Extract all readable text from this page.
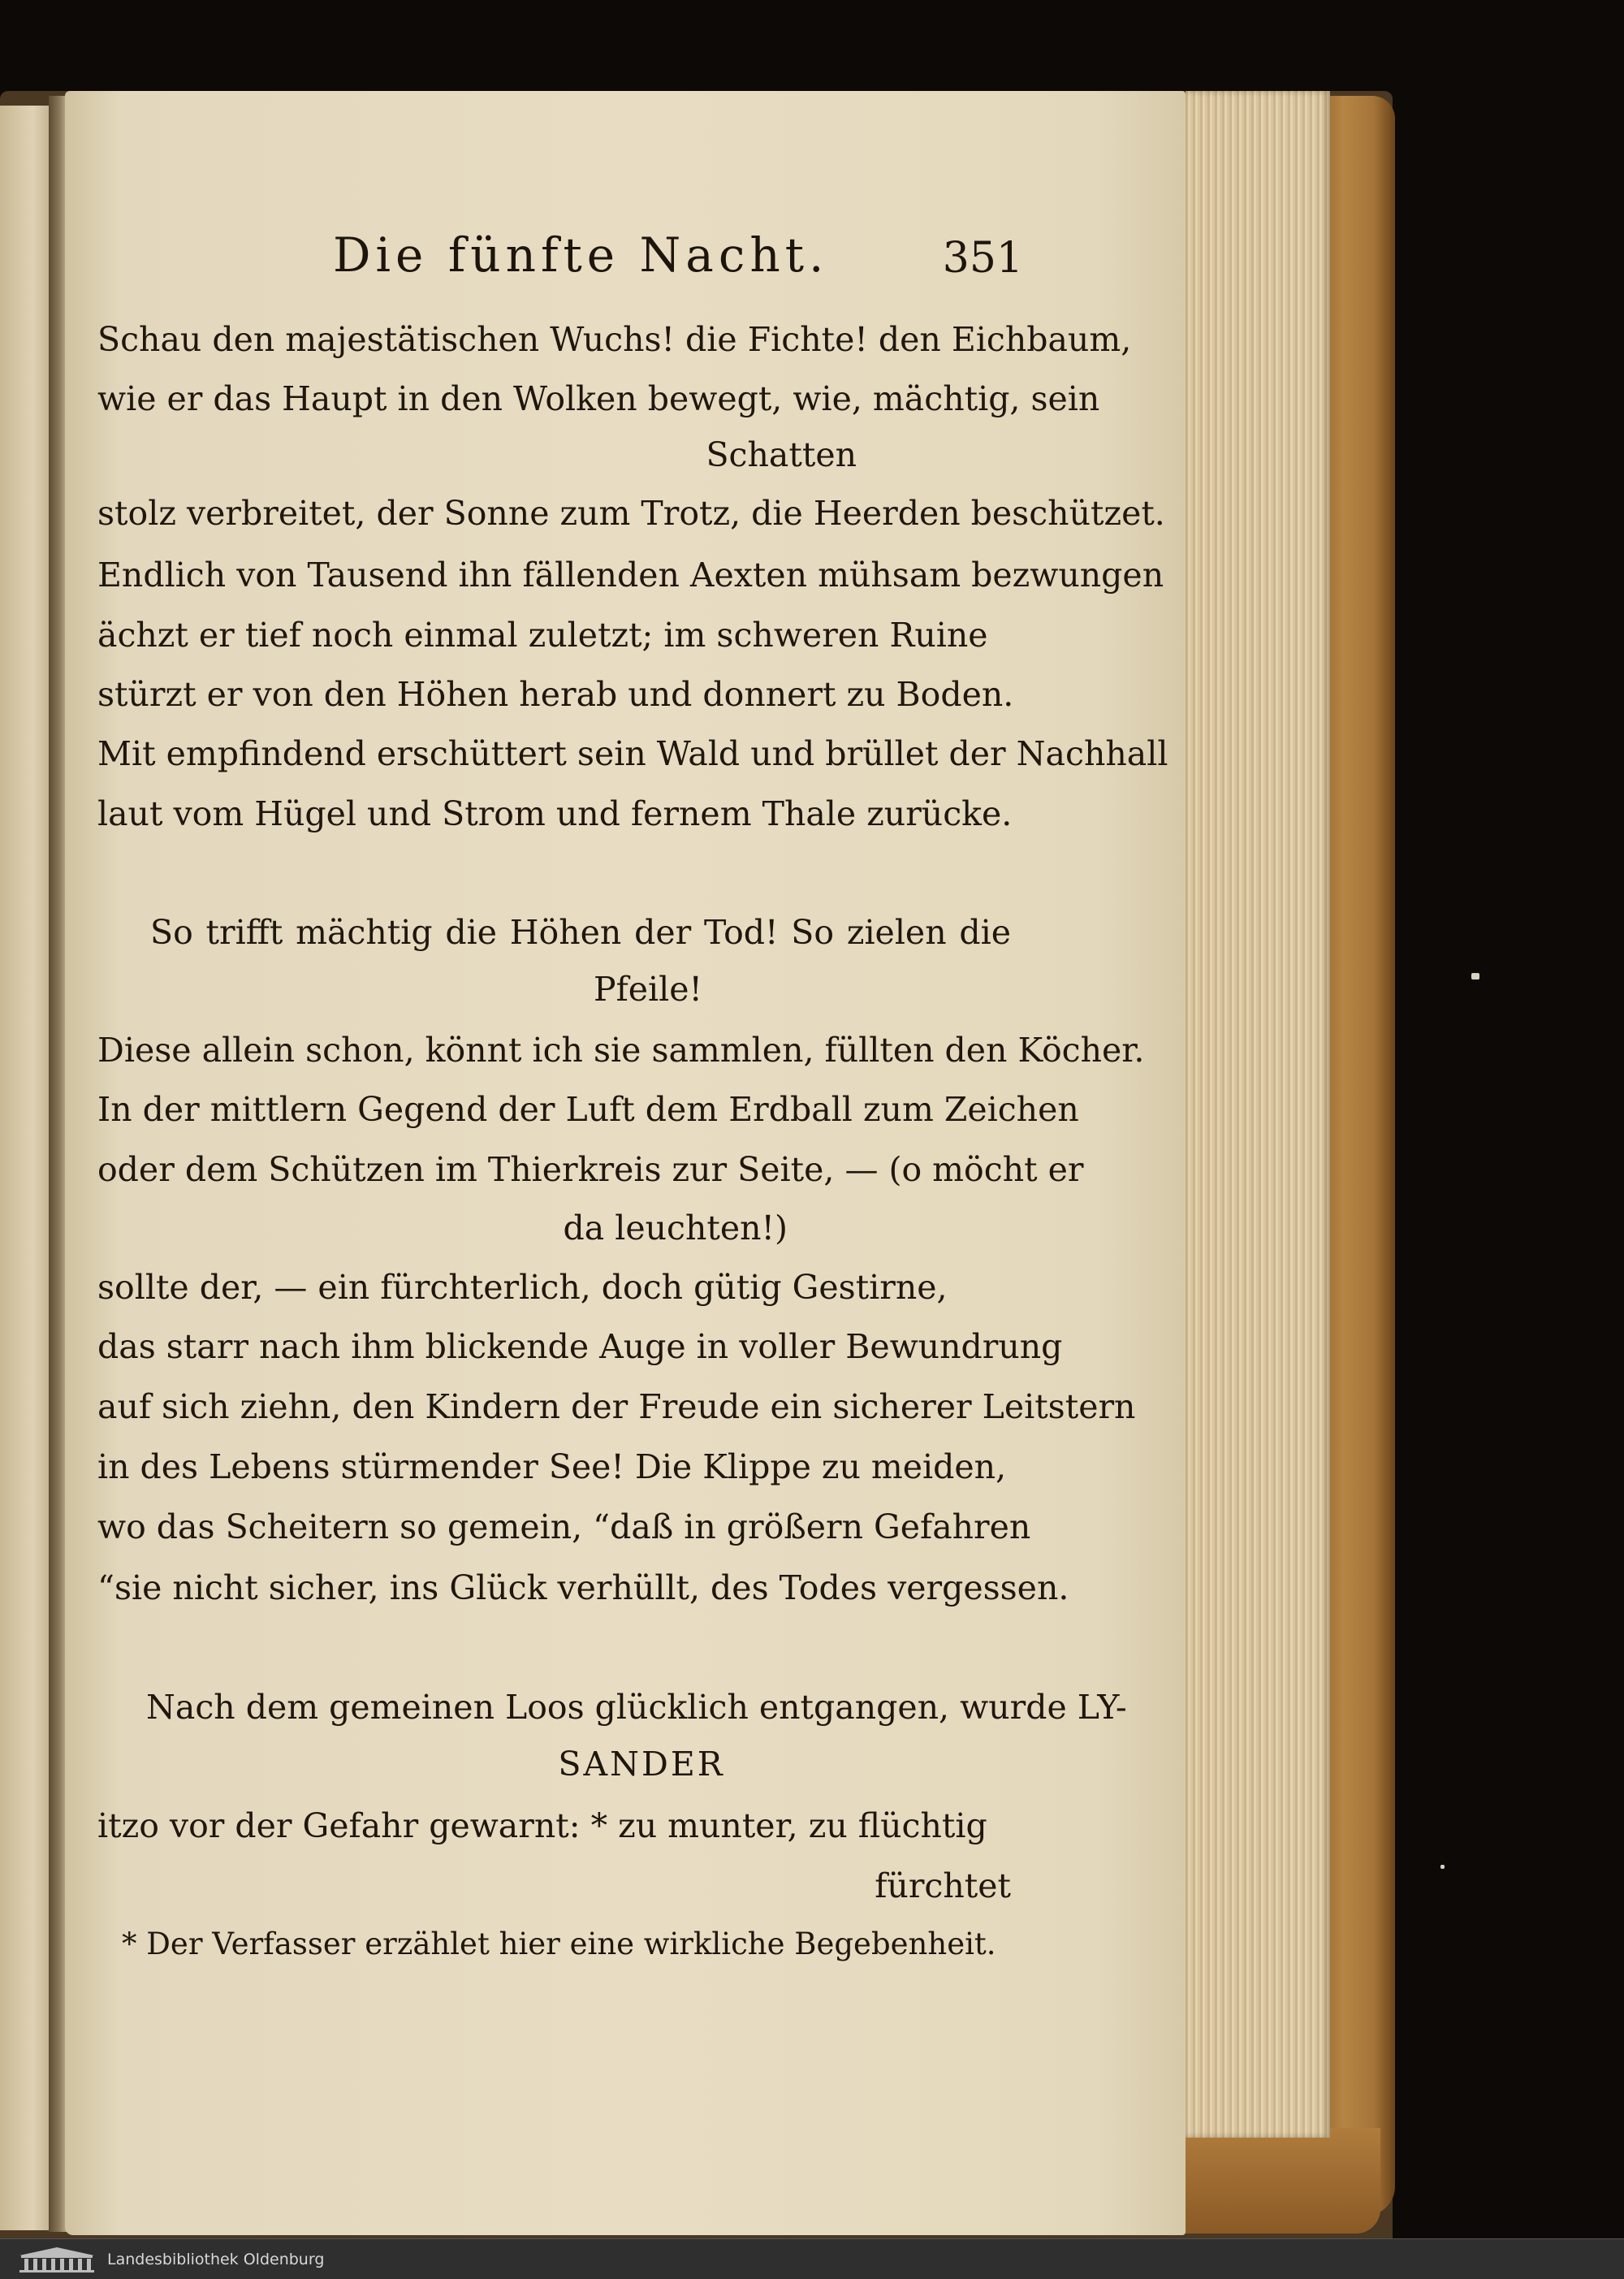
Die fünfte Nacht.	351
Schau den majestätischen Wuchs! die Fichte! den Eichbaum,
wie er das Haupt in den Wolken bewegt, wie, mächtig, sein
Schatten
stolz verbreitet, der Sonne zum Trotz, die Heerden beschützet.
Endlich von Tausend ihn fällenden Aexten mühsam bezwungen
ächzt er tief noch einmal zuletzt; im schweren Ruine
stürzt er von den Höhen herab und donnert zu Boden.
Mit empfindend erschüttert sein Wald und brüllet der Nachhall
laut vom Hügel und Strom und fernem Thale zurücke.
So trifft mächtig die Höhen der Tod! So zielen die
Pfeile!
Diese allein schon, könnt ich sie sammlen, füllten den Köcher.
In der mittlern Gegend der Luft dem Erdball zum Zeichen
oder dem Schützen im Thierkreis zur Seite, — (o möcht er
da leuchten!)
sollte der, — ein fürchterlich, doch gütig Gestirne,
das starr nach ihm blickende Auge in voller Bewundrung
auf sich ziehn, den Kindern der Freude ein sicherer Leitstern
in des Lebens stürmender See! Die Klippe zu meiden,
wo das Scheitern so gemein, “daß in größern Gefahren
“sie nicht sicher, ins Glück verhüllt, des Todes vergessen.
Nach dem gemeinen Loos glücklich entgangen, wurde LY-
SANDER
itzo vor der Gefahr gewarnt: * zu munter, zu flüchtig
fürchtet
* Der Verfasser erzählet hier eine wirkliche Begebenheit.
Landesbibliothek Oldenburg
